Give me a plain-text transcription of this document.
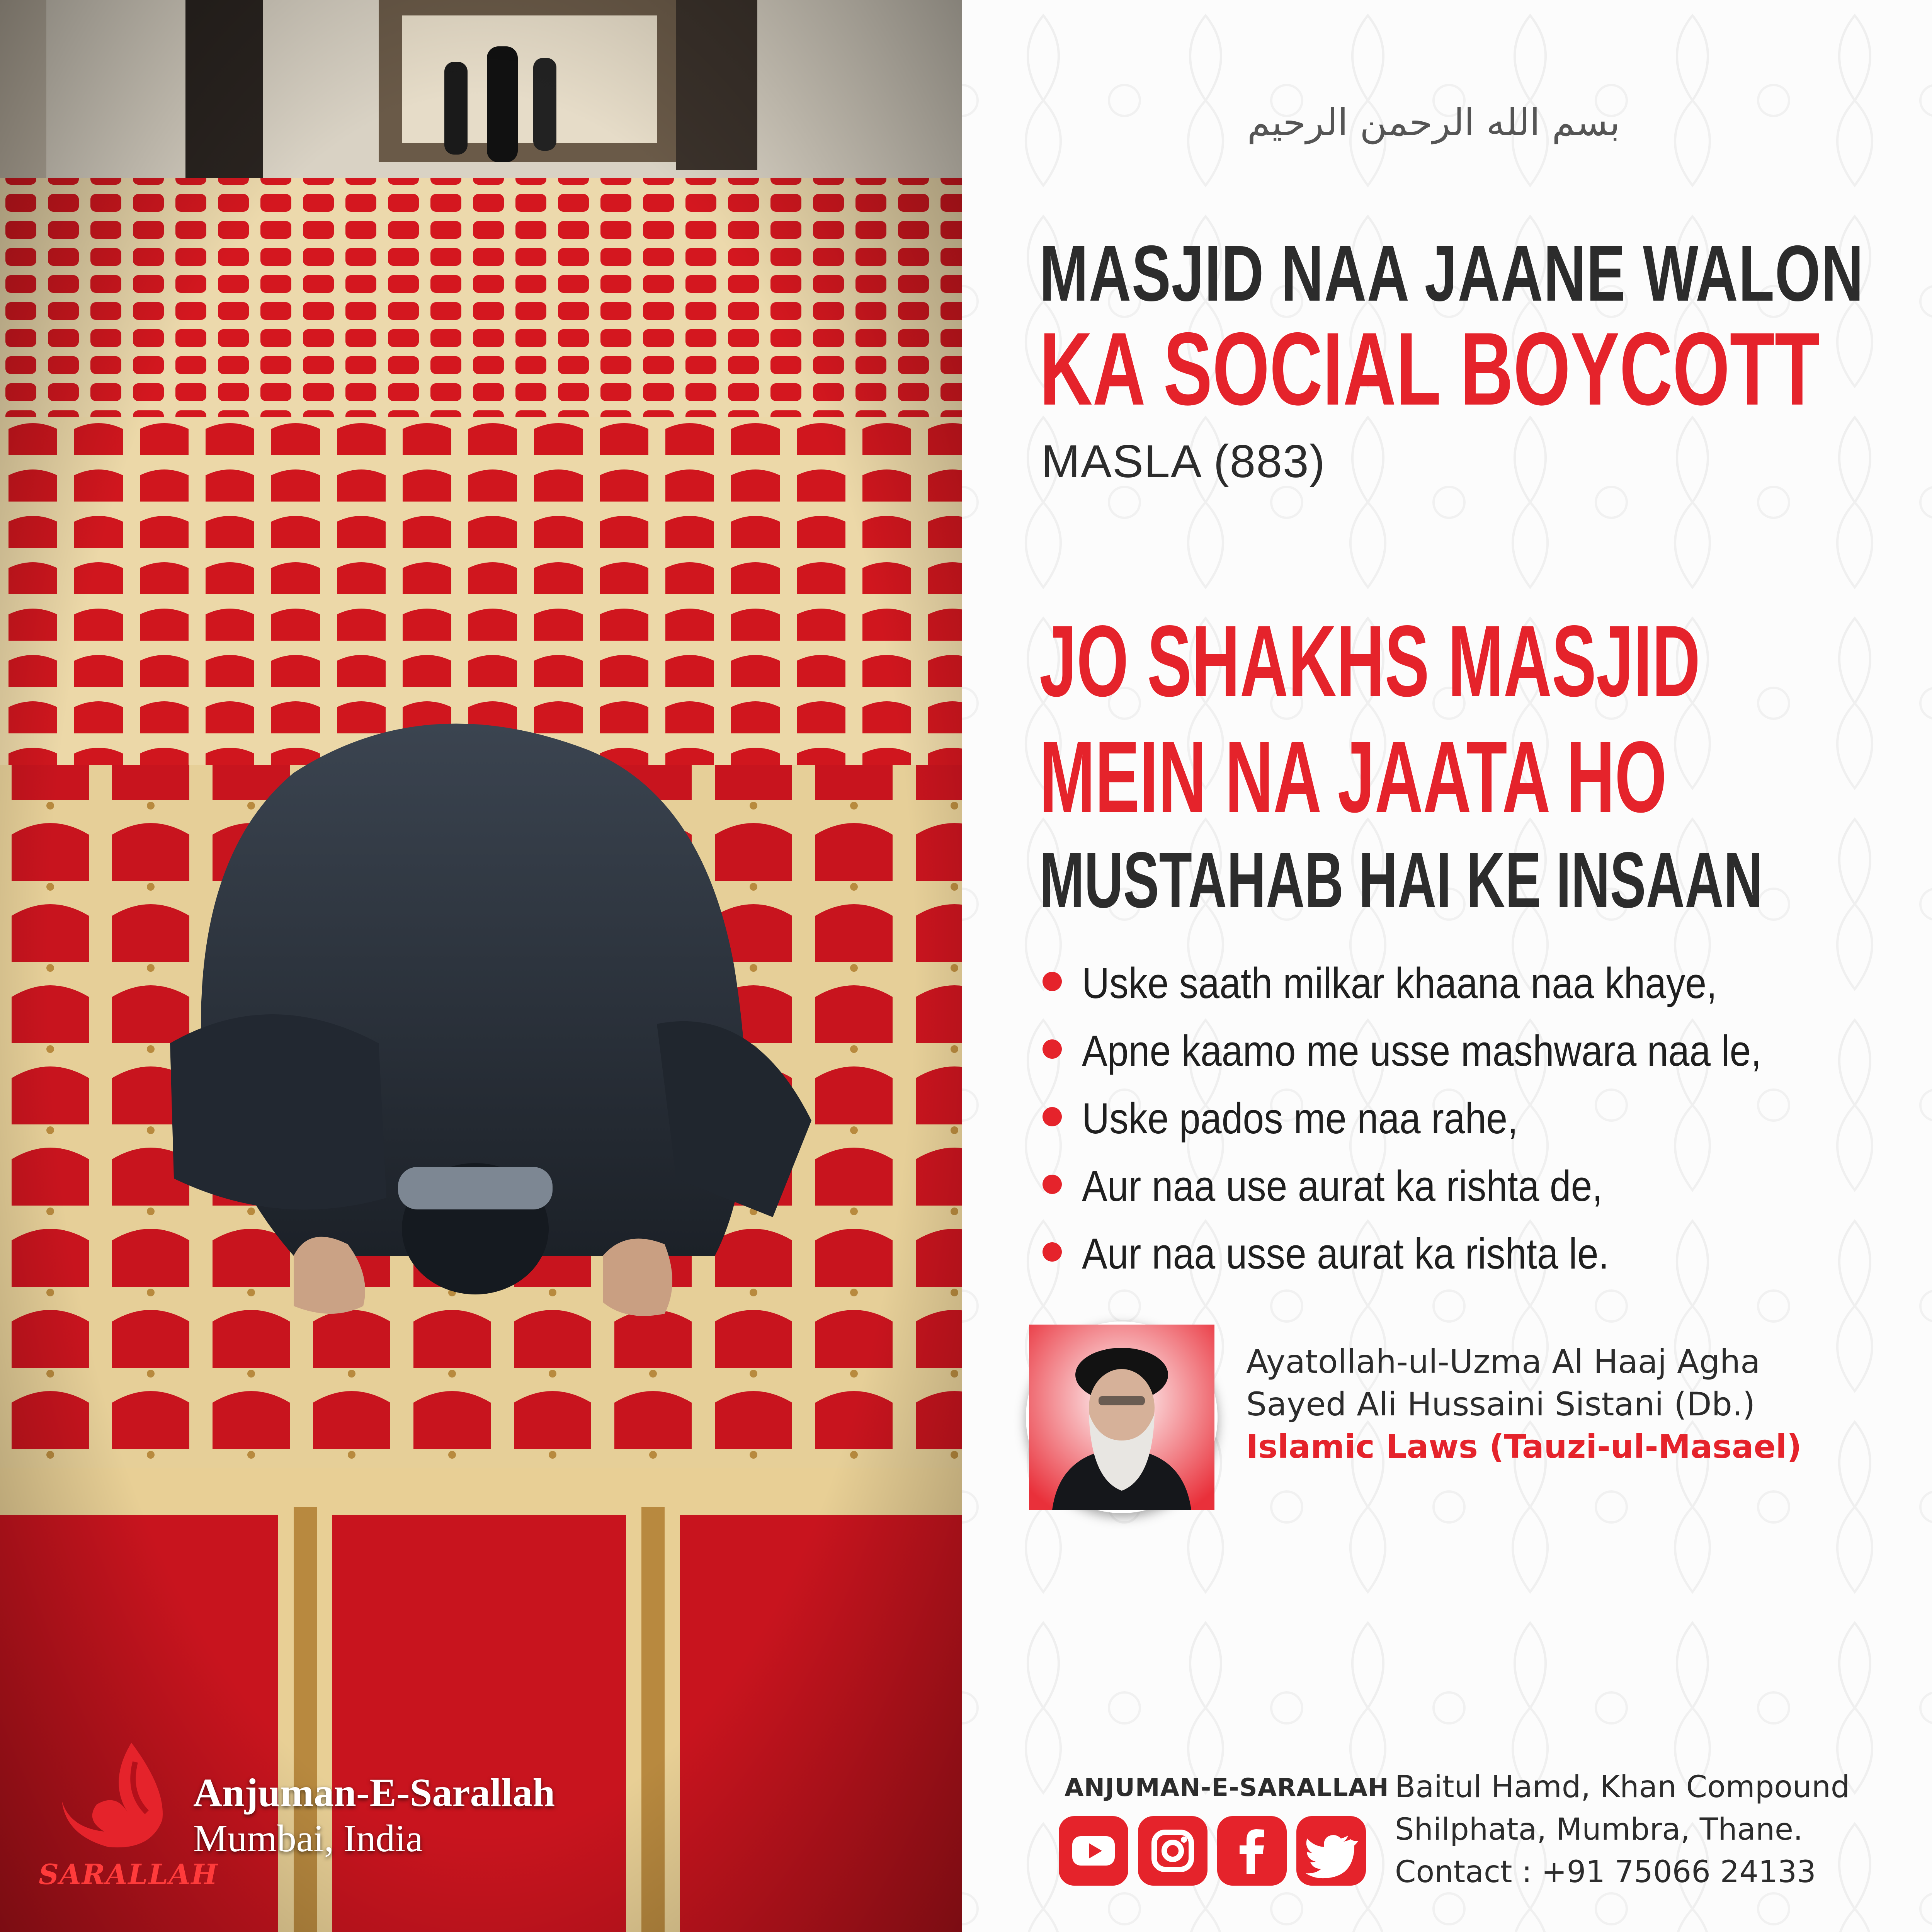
SARALLAH
Anjuman-E-Sarallah
Mumbai, India
بسم الله الرحمن الرحيم
MASJID NAA JAANE WALON
KA SOCIAL BOYCOTT
MASLA (883)
JO SHAKHS MASJID
MEIN NA JAATA HO
MUSTAHAB HAI KE INSAAN
Uske saath milkar khaana naa khaye,
Apne kaamo me usse mashwara naa le,
Uske pados me naa rahe,
Aur naa use aurat ka rishta de,
Aur naa usse aurat ka rishta le.
Ayatollah-ul-Uzma Al Haaj Agha
Sayed Ali Hussaini Sistani (Db.)
Islamic Laws (Tauzi-ul-Masael)
ANJUMAN-E-SARALLAH Baitul Hamd, Khan Compound
Shilphata, Mumbra, Thane.
Contact : +91 75066 24133
